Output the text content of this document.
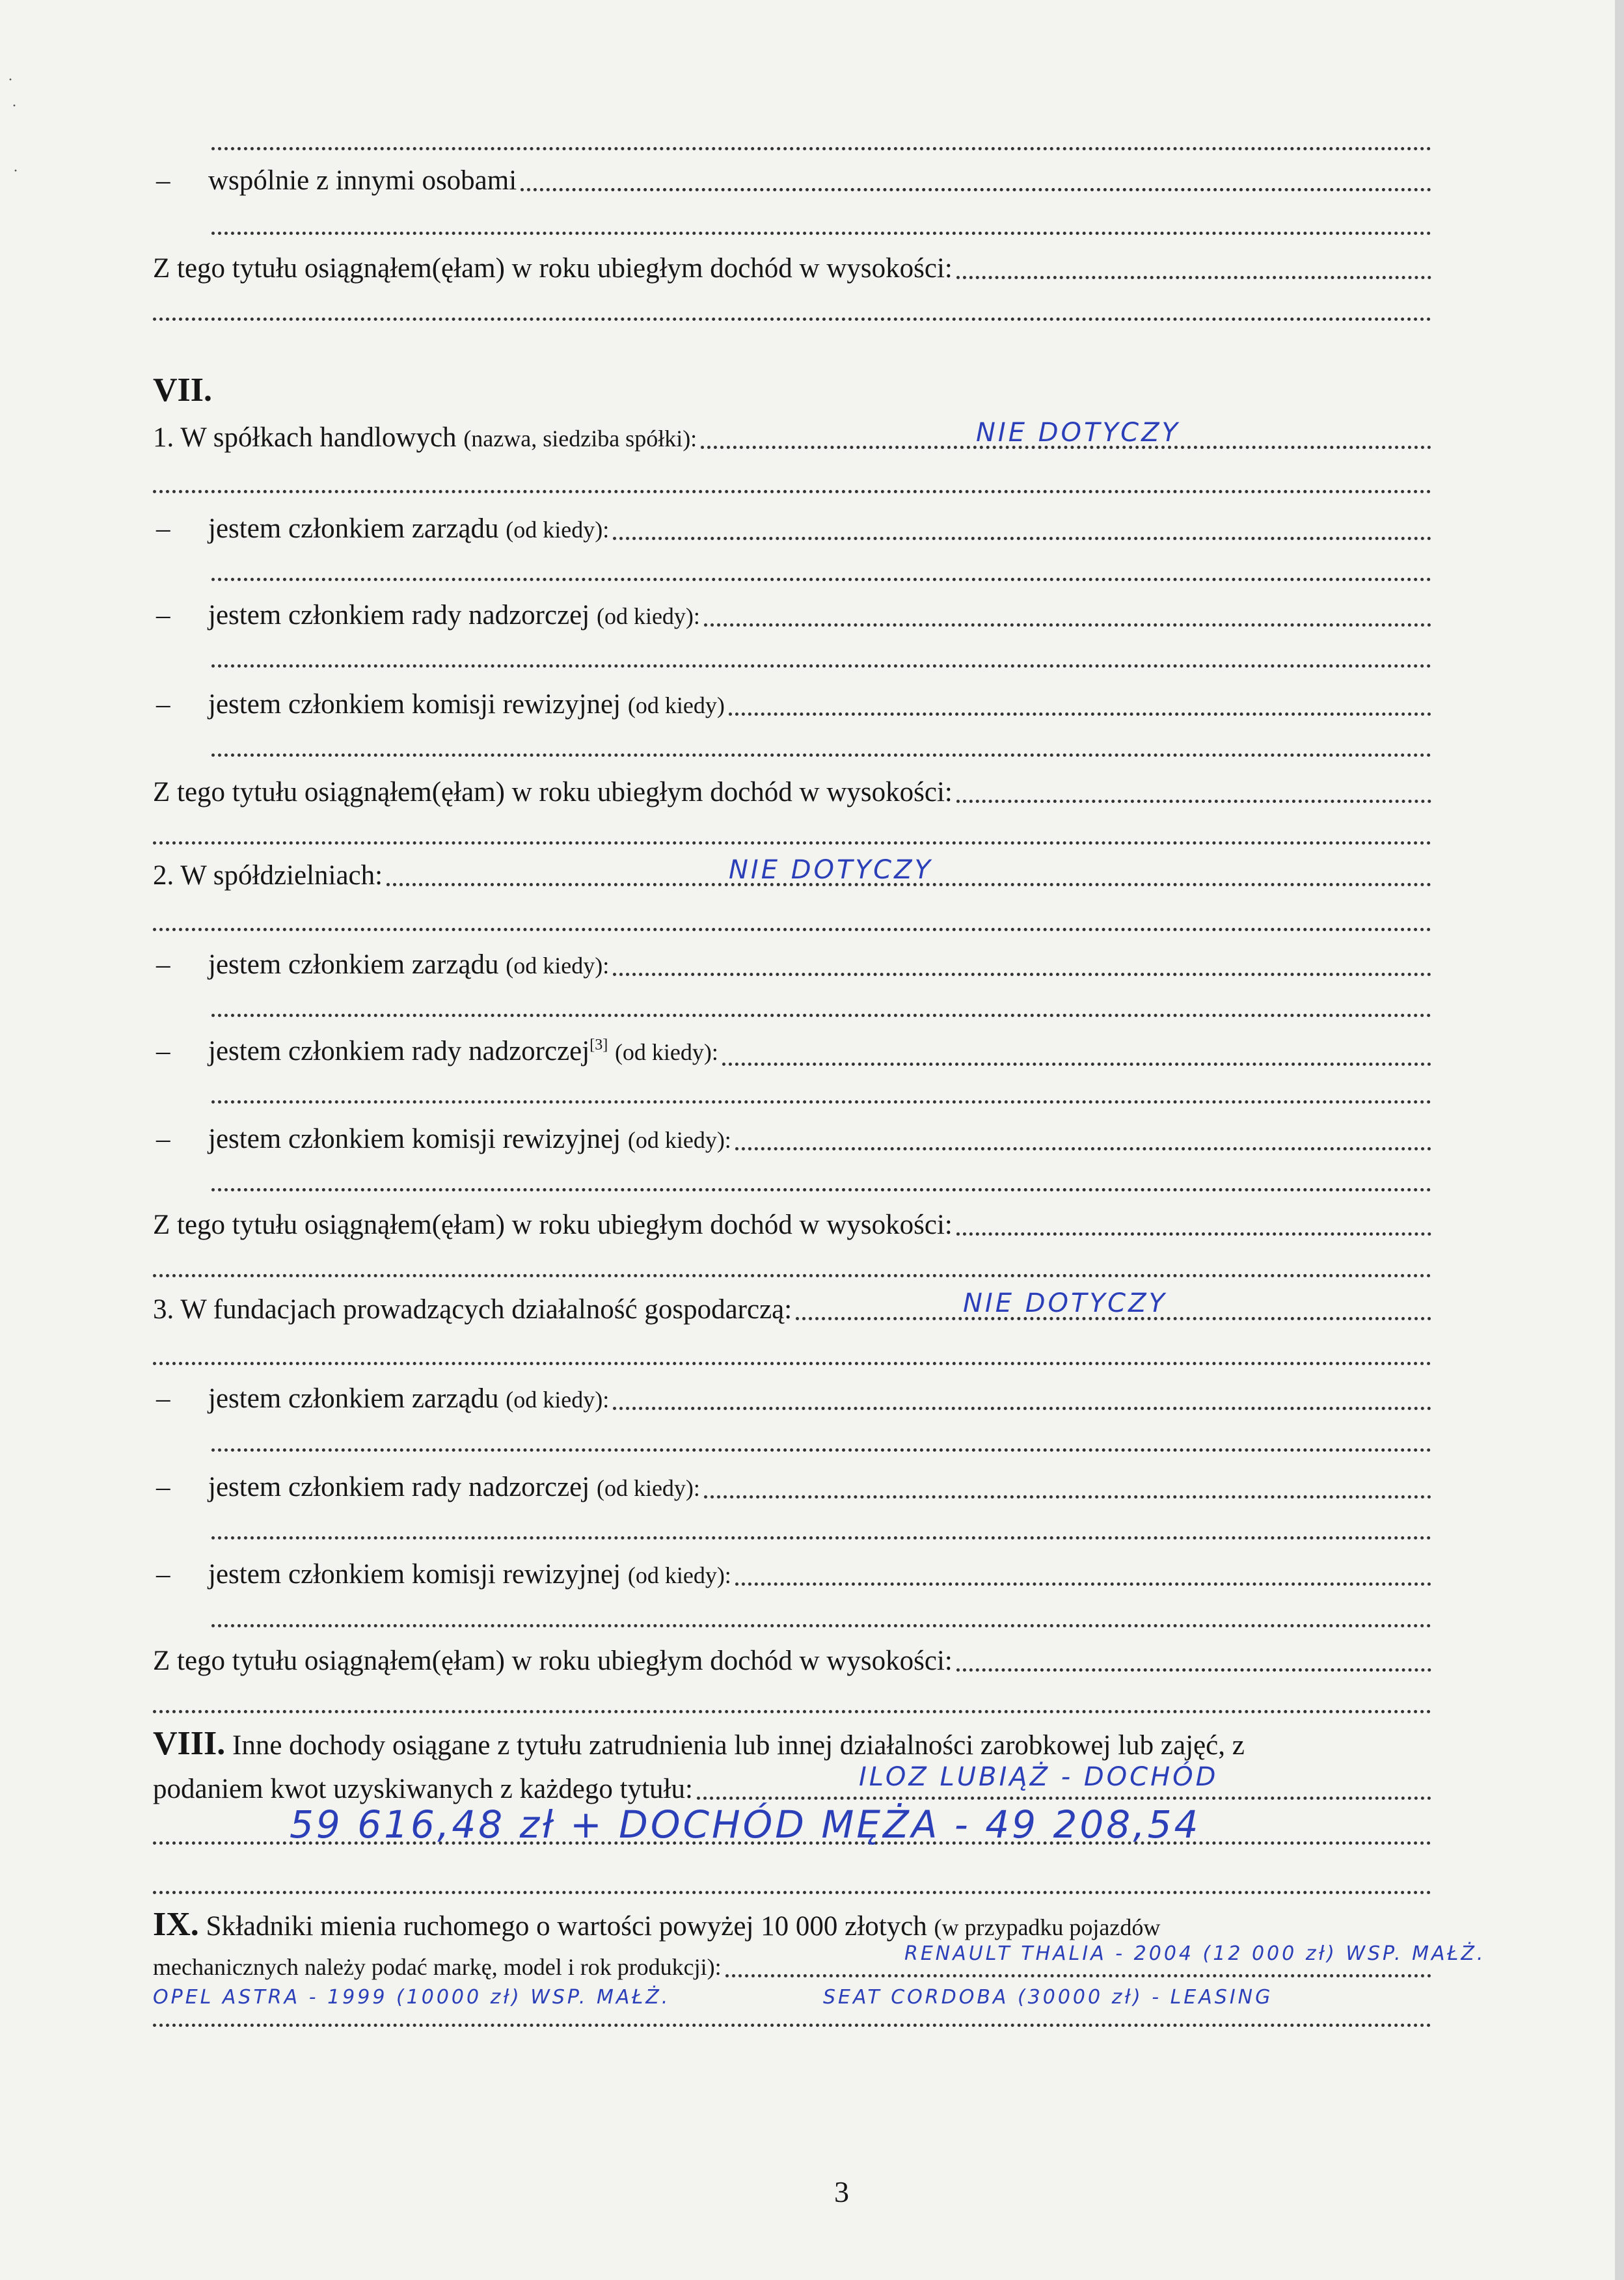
–	wspólnie z innymi osobami
Z tego tytułu osiągnąłem(ęłam) w roku ubiegłym dochód w wysokości:
VII.
1. W spółkach handlowych
(nazwa, siedziba spółki):	NIE DOTYCZY
–	jestem członkiem zarządu
(od kiedy):
–	jestem członkiem rady nadzorczej
(od kiedy):
–	jestem członkiem komisji rewizyjnej
(od kiedy)
Z tego tytułu osiągnąłem(ęłam) w roku ubiegłym dochód w wysokości:
2. W spółdzielniach:	NIE DOTYCZY
–	jestem członkiem zarządu
(od kiedy):
–	jestem członkiem rady nadzorczej [3]
(od kiedy):
–	jestem członkiem komisji rewizyjnej
(od kiedy):
Z tego tytułu osiągnąłem(ęłam) w roku ubiegłym dochód w wysokości:
3. W fundacjach prowadzących działalność gospodarczą:	NIE DOTYCZY
–	jestem członkiem zarządu
(od kiedy):
–	jestem członkiem rady nadzorczej
(od kiedy):
–	jestem członkiem komisji rewizyjnej
(od kiedy):
Z tego tytułu osiągnąłem(ęłam) w roku ubiegłym dochód w wysokości:
VIII.
Inne dochody osiągane z tytułu zatrudnienia lub innej działalności zarobkowej lub zajęć, z
podaniem kwot uzyskiwanych z każdego tytułu:	ILOZ LUBIĄŻ - DOCHÓD
59 616,48 zł + DOCHÓD MĘŻA - 49 208,54
IX.
Składniki mienia ruchomego o wartości powyżej 10 000 złotych
(w przypadku pojazdów
mechanicznych należy podać markę, model i rok produkcji):
RENAULT THALIA - 2004 (12 000 zł) WSP. MAŁŻ.
OPEL ASTRA - 1999 (10000 zł) WSP. MAŁŻ.	SEAT CORDOBA (30000 zł) - LEASING
3
·
·
·
